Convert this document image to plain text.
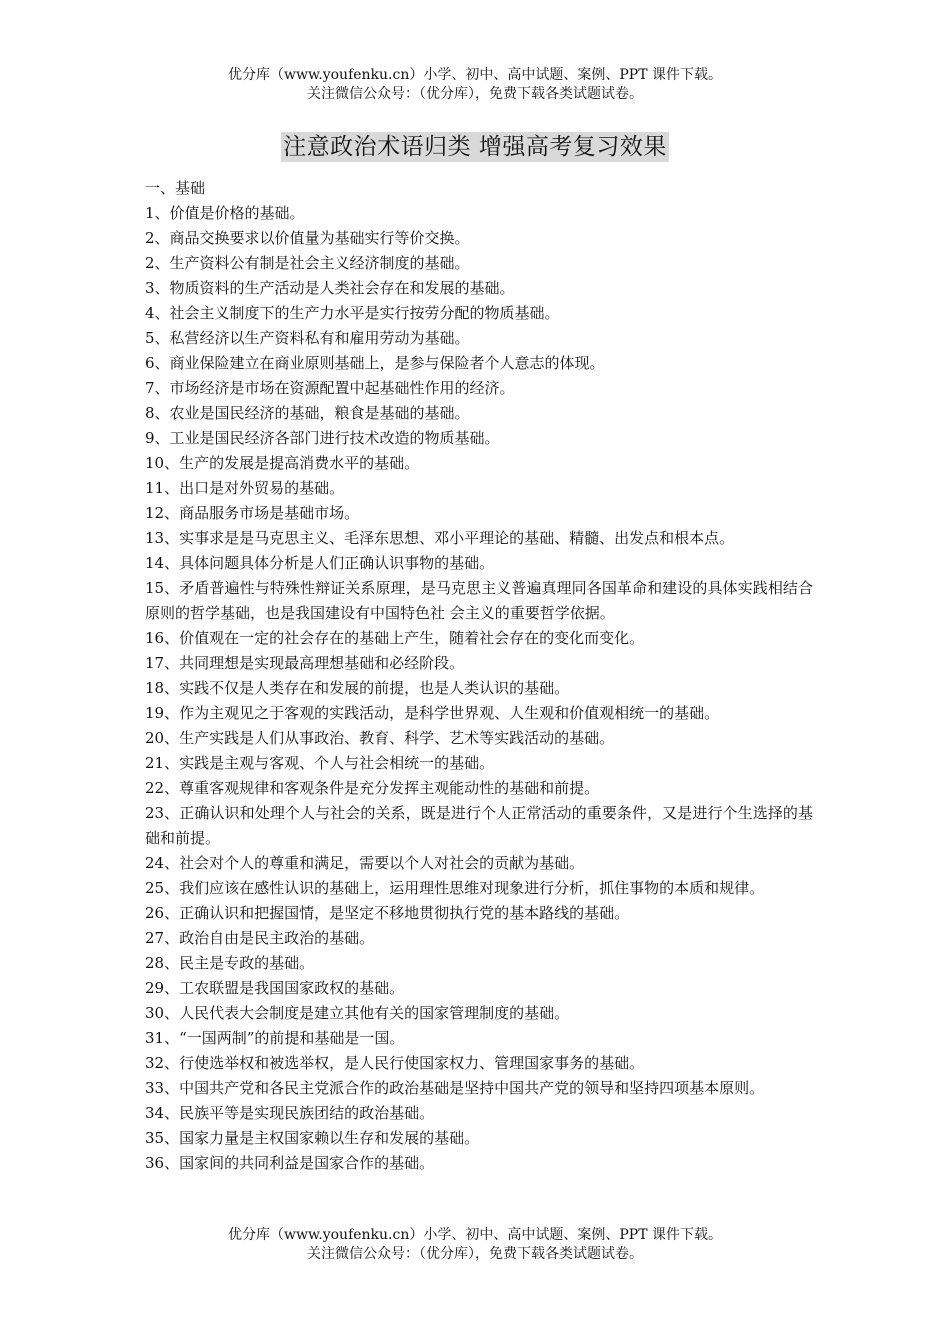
优分库（www.youfenku.cn）小学、初中、高中试题、案例、PPT 课件下载。
关注微信公众号：（优分库），免费下载各类试题试卷。
注意政治术语归类 增强高考复习效果
一、基础
1、价值是价格的基础。
2、商品交换要求以价值量为基础实行等价交换。
2、生产资料公有制是社会主义经济制度的基础。
3、物质资料的生产活动是人类社会存在和发展的基础。
4、社会主义制度下的生产力水平是实行按劳分配的物质基础。
5、私营经济以生产资料私有和雇用劳动为基础。
6、商业保险建立在商业原则基础上，是参与保险者个人意志的体现。
7、市场经济是市场在资源配置中起基础性作用的经济。
8、农业是国民经济的基础，粮食是基础的基础。
9、工业是国民经济各部门进行技术改造的物质基础。
10、生产的发展是提高消费水平的基础。
11、出口是对外贸易的基础。
12、商品服务市场是基础市场。
13、实事求是是马克思主义、毛泽东思想、邓小平理论的基础、精髓、出发点和根本点。
14、具体问题具体分析是人们正确认识事物的基础。
15、矛盾普遍性与特殊性辩证关系原理，是马克思主义普遍真理同各国革命和建设的具体实践相结合原则的哲学基础，也是我国建设有中国特色社 会主义的重要哲学依据。
16、价值观在一定的社会存在的基础上产生，随着社会存在的变化而变化。
17、共同理想是实现最高理想基础和必经阶段。
18、实践不仅是人类存在和发展的前提，也是人类认识的基础。
19、作为主观见之于客观的实践活动，是科学世界观、人生观和价值观相统一的基础。
20、生产实践是人们从事政治、教育、科学、艺术等实践活动的基础。
21、实践是主观与客观、个人与社会相统一的基础。
22、尊重客观规律和客观条件是充分发挥主观能动性的基础和前提。
23、正确认识和处理个人与社会的关系，既是进行个人正常活动的重要条件，又是进行个生选择的基础和前提。
24、社会对个人的尊重和满足，需要以个人对社会的贡献为基础。
25、我们应该在感性认识的基础上，运用理性思维对现象进行分析，抓住事物的本质和规律。
26、正确认识和把握国情，是坚定不移地贯彻执行党的基本路线的基础。
27、政治自由是民主政治的基础。
28、民主是专政的基础。
29、工农联盟是我国国家政权的基础。
30、人民代表大会制度是建立其他有关的国家管理制度的基础。
31、“一国两制”的前提和基础是一国。
32、行使选举权和被选举权，是人民行使国家权力、管理国家事务的基础。
33、中国共产党和各民主党派合作的政治基础是坚持中国共产党的领导和坚持四项基本原则。
34、民族平等是实现民族团结的政治基础。
35、国家力量是主权国家赖以生存和发展的基础。
36、国家间的共同利益是国家合作的基础。
优分库（www.youfenku.cn）小学、初中、高中试题、案例、PPT 课件下载。
关注微信公众号：（优分库），免费下载各类试题试卷。
